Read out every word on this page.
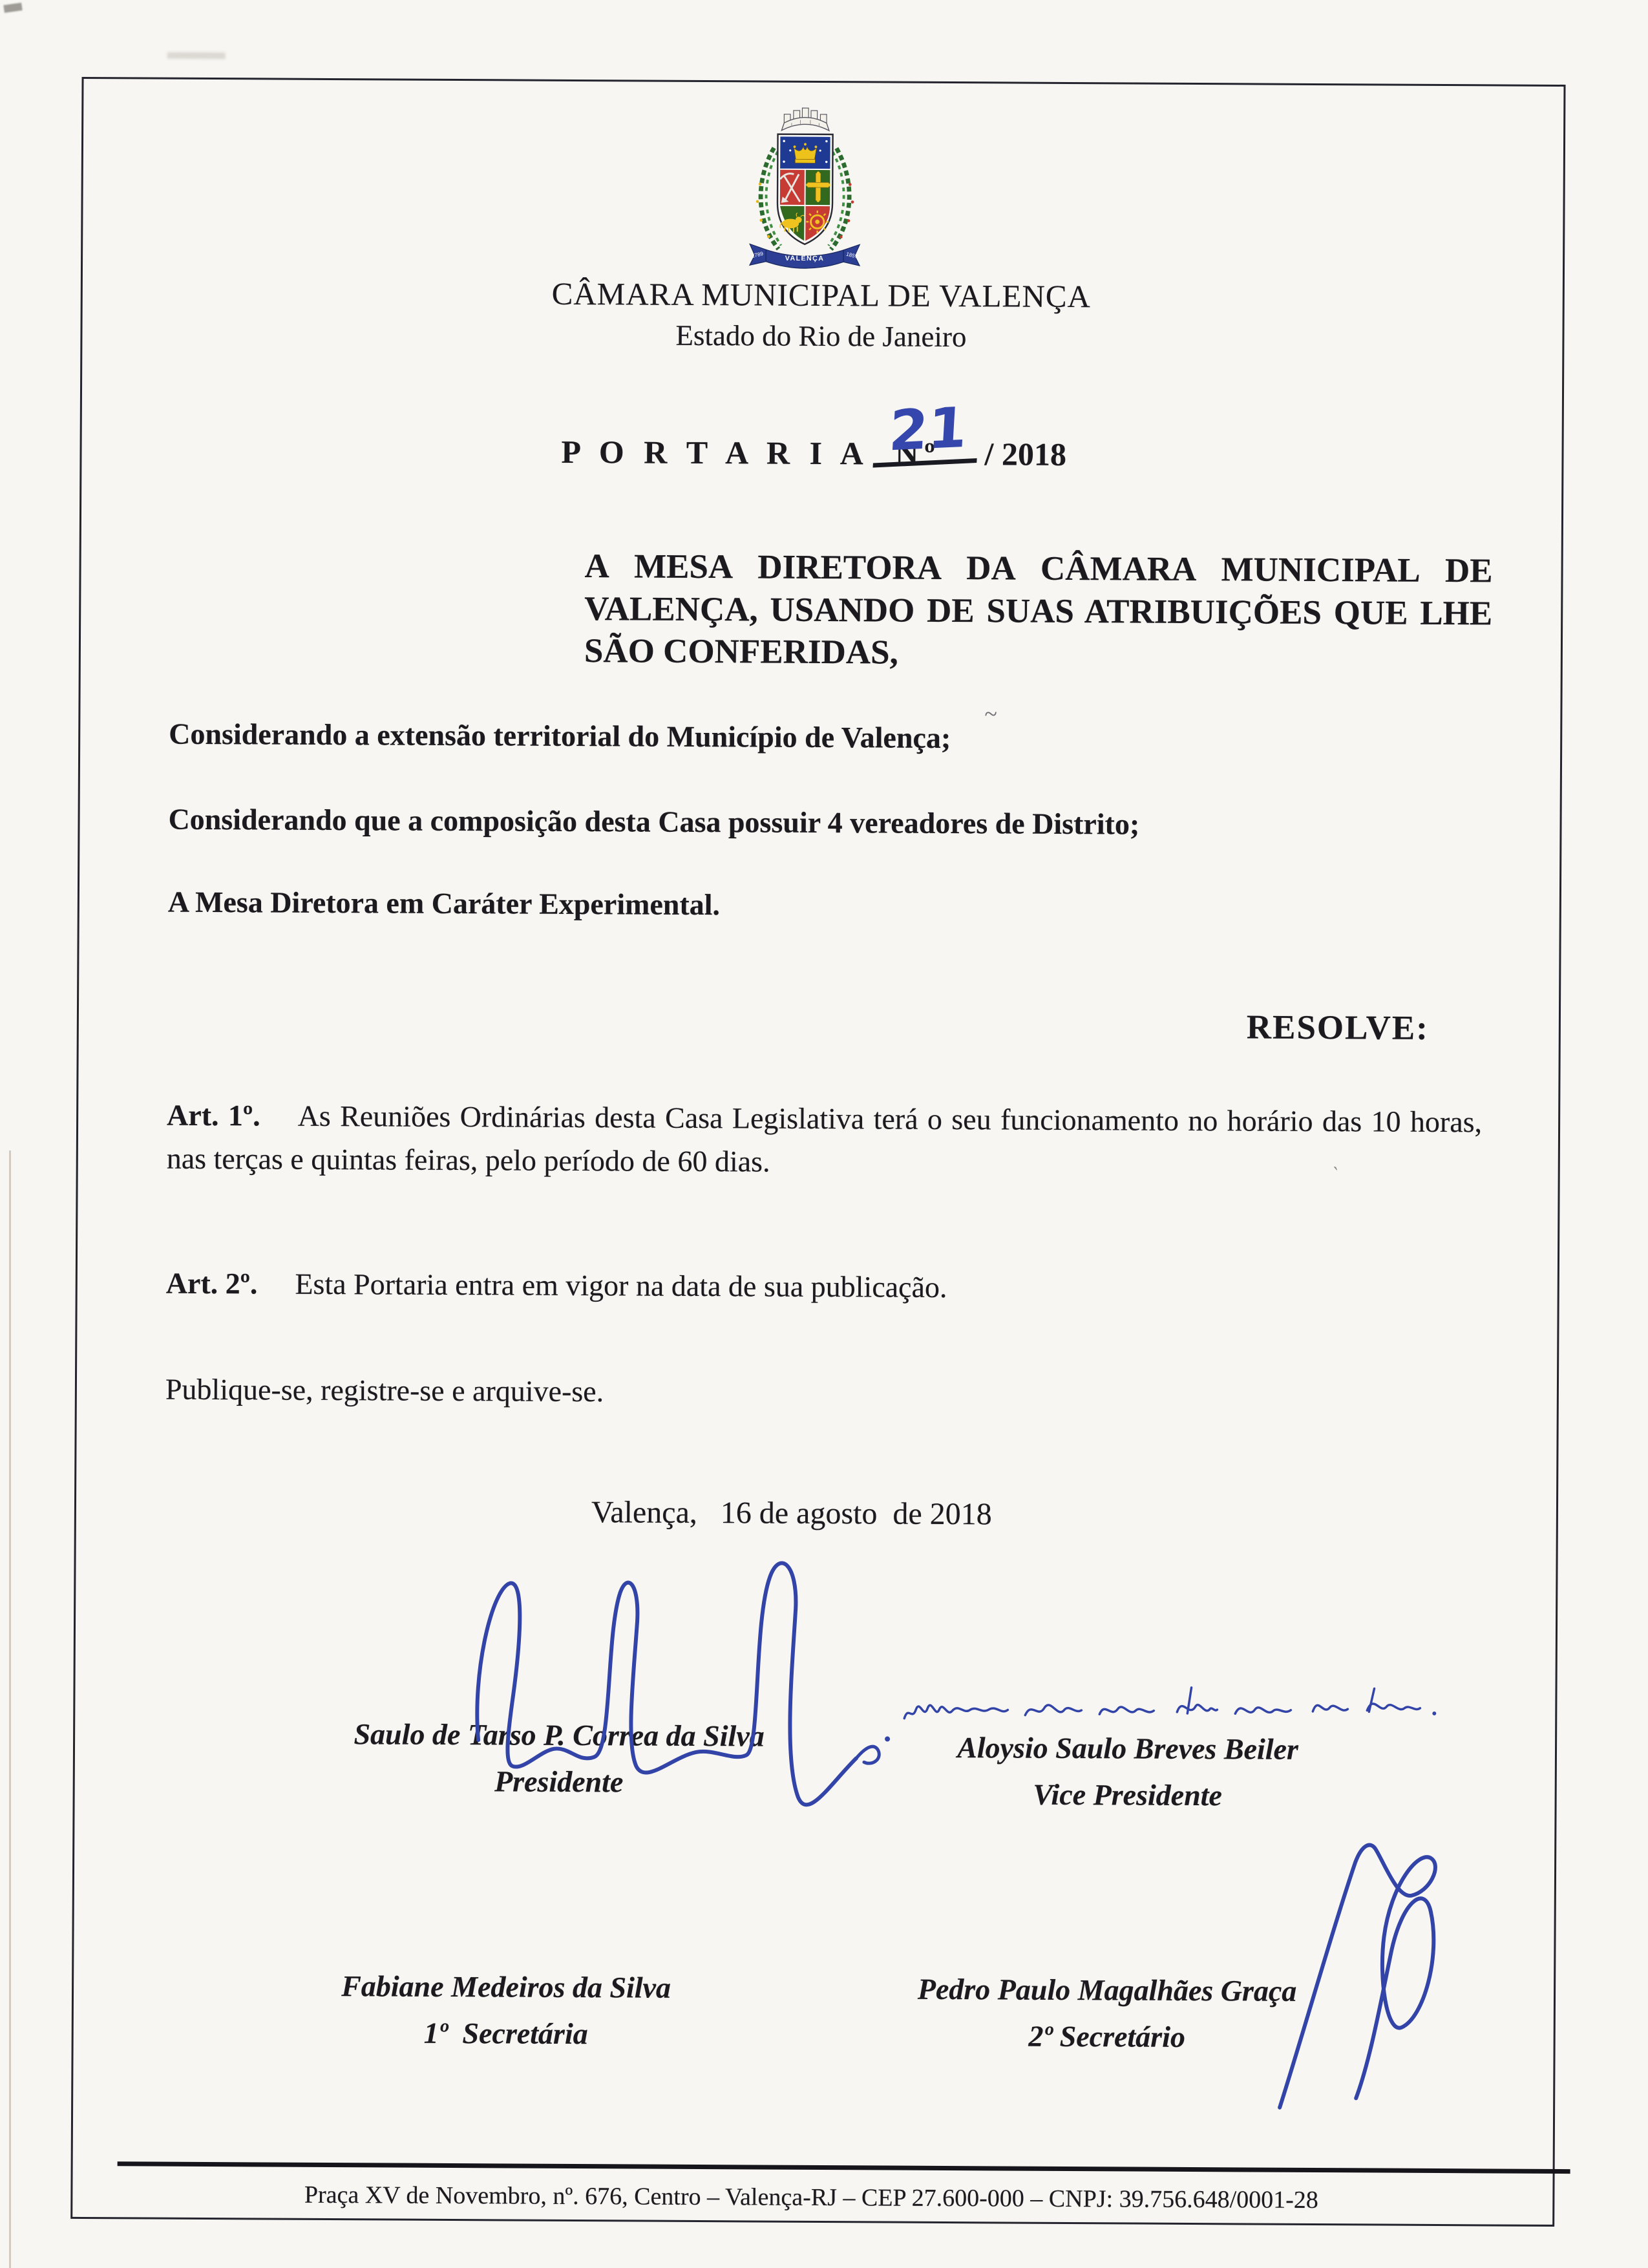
1789	VALENÇA	1857
CÂMARA MUNICIPAL DE VALENÇA
Estado do Rio de Janeiro
P O R T A R I A  Nº
21 / 2018
A MESA DIRETORA DA CÂMARA MUNICIPAL DE VALENÇA, USANDO DE SUAS ATRIBUIÇÕES QUE LHE SÃO CONFERIDAS,
Considerando a extensão territorial do Município de Valença;
Considerando que a composição desta Casa possuir 4 vereadores de Distrito;
A Mesa Diretora em Caráter Experimental.
RESOLVE:
Art. 1º. As Reuniões Ordinárias desta Casa Legislativa terá o seu funcionamento no horário das 10 horas, nas terças e quintas feiras, pelo período de 60 dias.
Art. 2º. Esta Portaria entra em vigor na data de sua publicação.
Publique-se, registre-se e arquive-se.
Valença,   16 de agosto  de 2018
Saulo de Tarso P. Correa da Silva
Presidente
Aloysio Saulo Breves Beiler
Vice Presidente
Fabiane Medeiros da Silva
1º  Secretária
Pedro Paulo Magalhães Graça
2º Secretário
Praça XV de Novembro, nº. 676, Centro – Valença-RJ – CEP 27.600-000 – CNPJ: 39.756.648/0001-28
~
`
